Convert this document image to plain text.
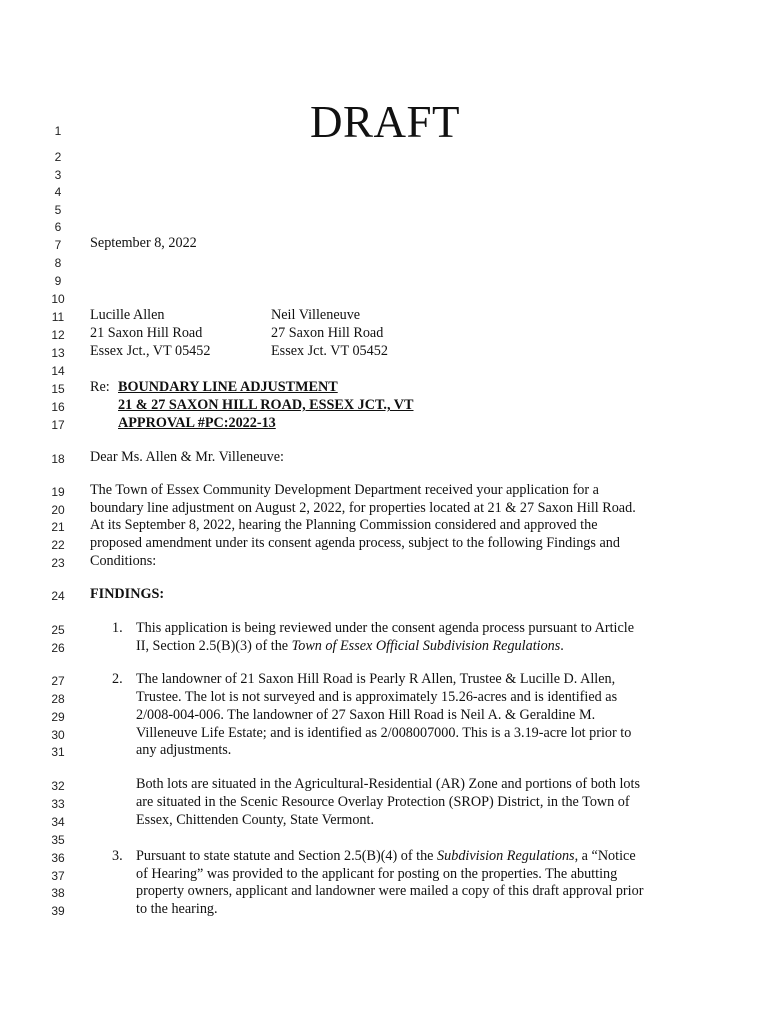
DRAFT
1
2
3
4
5
6
7
8
9
10
11
12
13
14
15
16
17
18
19
20
21
22
23
24
25
26
27
28
29
30
31
32
33
34
35
36
37
38
39
September 8, 2022
Lucille Allen
21 Saxon Hill Road
Essex Jct., VT 05452
Neil Villeneuve
27 Saxon Hill Road
Essex Jct. VT 05452
Re: BOUNDARY LINE ADJUSTMENT
21 & 27 SAXON HILL ROAD, ESSEX JCT., VT
APPROVAL #PC:2022-13
Dear Ms. Allen & Mr. Villeneuve:
The Town of Essex Community Development Department received your application for a
boundary line adjustment on August 2, 2022, for properties located at 21 & 27 Saxon Hill Road.
At its September 8, 2022, hearing the Planning Commission considered and approved the
proposed amendment under its consent agenda process, subject to the following Findings and
Conditions:
FINDINGS:
1. This application is being reviewed under the consent agenda process pursuant to Article
II, Section 2.5(B)(3) of the Town of Essex Official Subdivision Regulations.
2. The landowner of 21 Saxon Hill Road is Pearly R Allen, Trustee & Lucille D. Allen,
Trustee. The lot is not surveyed and is approximately 15.26-acres and is identified as
2/008-004-006. The landowner of 27 Saxon Hill Road is Neil A. & Geraldine M.
Villeneuve Life Estate; and is identified as 2/008007000. This is a 3.19-acre lot prior to
any adjustments.
Both lots are situated in the Agricultural-Residential (AR) Zone and portions of both lots
are situated in the Scenic Resource Overlay Protection (SROP) District, in the Town of
Essex, Chittenden County, State Vermont.
3. Pursuant to state statute and Section 2.5(B)(4) of the Subdivision Regulations, a “Notice
of Hearing” was provided to the applicant for posting on the properties. The abutting
property owners, applicant and landowner were mailed a copy of this draft approval prior
to the hearing.
